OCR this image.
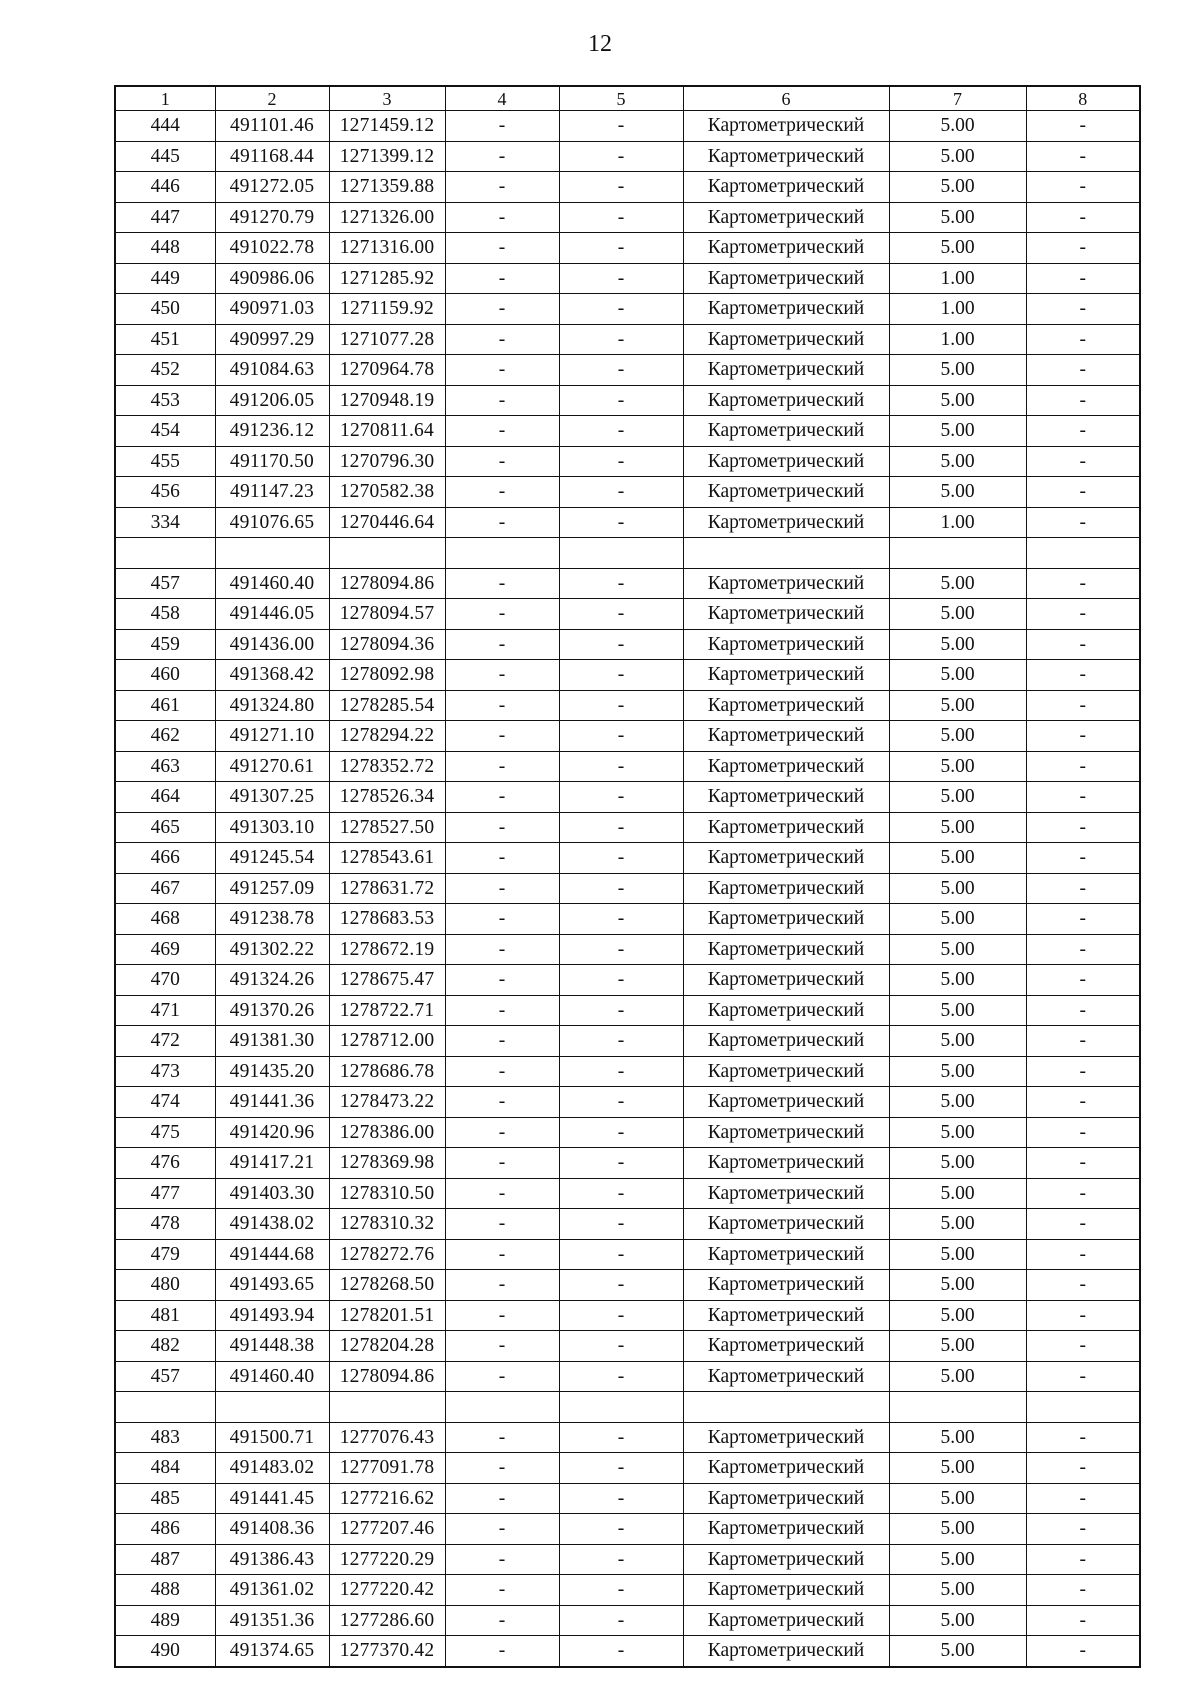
12
1	2	3	4	5	6	7	8
444	491101.46	1271459.12	-	-	Картометрический	5.00	-
445	491168.44	1271399.12	-	-	Картометрический	5.00	-
446	491272.05	1271359.88	-	-	Картометрический	5.00	-
447	491270.79	1271326.00	-	-	Картометрический	5.00	-
448	491022.78	1271316.00	-	-	Картометрический	5.00	-
449	490986.06	1271285.92	-	-	Картометрический	1.00	-
450	490971.03	1271159.92	-	-	Картометрический	1.00	-
451	490997.29	1271077.28	-	-	Картометрический	1.00	-
452	491084.63	1270964.78	-	-	Картометрический	5.00	-
453	491206.05	1270948.19	-	-	Картометрический	5.00	-
454	491236.12	1270811.64	-	-	Картометрический	5.00	-
455	491170.50	1270796.30	-	-	Картометрический	5.00	-
456	491147.23	1270582.38	-	-	Картометрический	5.00	-
334	491076.65	1270446.64	-	-	Картометрический	1.00	-

457	491460.40	1278094.86	-	-	Картометрический	5.00	-
458	491446.05	1278094.57	-	-	Картометрический	5.00	-
459	491436.00	1278094.36	-	-	Картометрический	5.00	-
460	491368.42	1278092.98	-	-	Картометрический	5.00	-
461	491324.80	1278285.54	-	-	Картометрический	5.00	-
462	491271.10	1278294.22	-	-	Картометрический	5.00	-
463	491270.61	1278352.72	-	-	Картометрический	5.00	-
464	491307.25	1278526.34	-	-	Картометрический	5.00	-
465	491303.10	1278527.50	-	-	Картометрический	5.00	-
466	491245.54	1278543.61	-	-	Картометрический	5.00	-
467	491257.09	1278631.72	-	-	Картометрический	5.00	-
468	491238.78	1278683.53	-	-	Картометрический	5.00	-
469	491302.22	1278672.19	-	-	Картометрический	5.00	-
470	491324.26	1278675.47	-	-	Картометрический	5.00	-
471	491370.26	1278722.71	-	-	Картометрический	5.00	-
472	491381.30	1278712.00	-	-	Картометрический	5.00	-
473	491435.20	1278686.78	-	-	Картометрический	5.00	-
474	491441.36	1278473.22	-	-	Картометрический	5.00	-
475	491420.96	1278386.00	-	-	Картометрический	5.00	-
476	491417.21	1278369.98	-	-	Картометрический	5.00	-
477	491403.30	1278310.50	-	-	Картометрический	5.00	-
478	491438.02	1278310.32	-	-	Картометрический	5.00	-
479	491444.68	1278272.76	-	-	Картометрический	5.00	-
480	491493.65	1278268.50	-	-	Картометрический	5.00	-
481	491493.94	1278201.51	-	-	Картометрический	5.00	-
482	491448.38	1278204.28	-	-	Картометрический	5.00	-
457	491460.40	1278094.86	-	-	Картометрический	5.00	-

483	491500.71	1277076.43	-	-	Картометрический	5.00	-
484	491483.02	1277091.78	-	-	Картометрический	5.00	-
485	491441.45	1277216.62	-	-	Картометрический	5.00	-
486	491408.36	1277207.46	-	-	Картометрический	5.00	-
487	491386.43	1277220.29	-	-	Картометрический	5.00	-
488	491361.02	1277220.42	-	-	Картометрический	5.00	-
489	491351.36	1277286.60	-	-	Картометрический	5.00	-
490	491374.65	1277370.42	-	-	Картометрический	5.00	-
